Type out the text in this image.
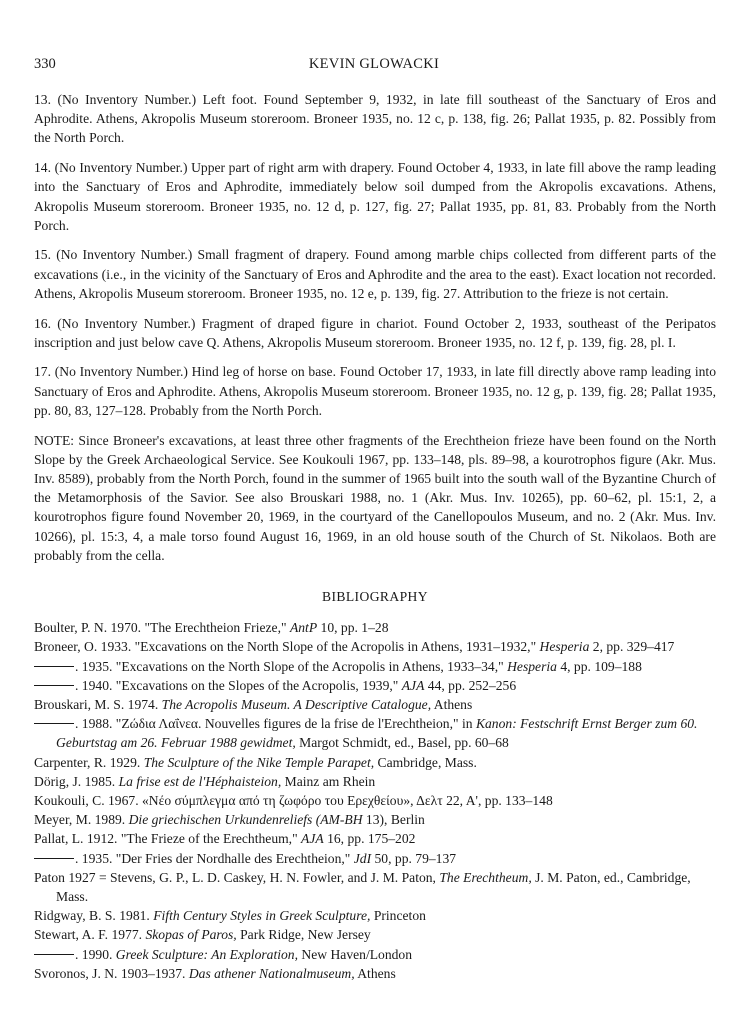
330	KEVIN GLOWACKI

13. (No Inventory Number.) Left foot. Found September 9, 1932, in late fill southeast of the Sanctuary of Eros and Aphrodite. Athens, Akropolis Museum storeroom. Broneer 1935, no. 12 c, p. 138, fig. 26; Pallat 1935, p. 82. Possibly from the North Porch.

14. (No Inventory Number.) Upper part of right arm with drapery. Found October 4, 1933, in late fill above the ramp leading into the Sanctuary of Eros and Aphrodite, immediately below soil dumped from the Akropolis excavations. Athens, Akropolis Museum storeroom. Broneer 1935, no. 12 d, p. 127, fig. 27; Pallat 1935, pp. 81, 83. Probably from the North Porch.

15. (No Inventory Number.) Small fragment of drapery. Found among marble chips collected from different parts of the excavations (i.e., in the vicinity of the Sanctuary of Eros and Aphrodite and the area to the east). Exact location not recorded. Athens, Akropolis Museum storeroom. Broneer 1935, no. 12 e, p. 139, fig. 27. Attribution to the frieze is not certain.

16. (No Inventory Number.) Fragment of draped figure in chariot. Found October 2, 1933, southeast of the Peripatos inscription and just below cave Q. Athens, Akropolis Museum storeroom. Broneer 1935, no. 12 f, p. 139, fig. 28, pl. I.

17. (No Inventory Number.) Hind leg of horse on base. Found October 17, 1933, in late fill directly above ramp leading into Sanctuary of Eros and Aphrodite. Athens, Akropolis Museum storeroom. Broneer 1935, no. 12 g, p. 139, fig. 28; Pallat 1935, pp. 80, 83, 127–128. Probably from the North Porch.

NOTE: Since Broneer's excavations, at least three other fragments of the Erechtheion frieze have been found on the North Slope by the Greek Archaeological Service. See Koukouli 1967, pp. 133–148, pls. 89–98, a kourotrophos figure (Akr. Mus. Inv. 8589), probably from the North Porch, found in the summer of 1965 built into the south wall of the Byzantine Church of the Metamorphosis of the Savior. See also Brouskari 1988, no. 1 (Akr. Mus. Inv. 10265), pp. 60–62, pl. 15:1, 2, a kourotrophos figure found November 20, 1969, in the courtyard of the Canellopoulos Museum, and no. 2 (Akr. Mus. Inv. 10266), pl. 15:3, 4, a male torso found August 16, 1969, in an old house south of the Church of St. Nikolaos. Both are probably from the cella.

BIBLIOGRAPHY
Boulter, P. N. 1970. "The Erechtheion Frieze," AntP 10, pp. 1–28
Broneer, O. 1933. "Excavations on the North Slope of the Acropolis in Athens, 1931–1932," Hesperia 2, pp. 329–417
. 1935. "Excavations on the North Slope of the Acropolis in Athens, 1933–34," Hesperia 4, pp. 109–188
. 1940. "Excavations on the Slopes of the Acropolis, 1939," AJA 44, pp. 252–256
Brouskari, M. S. 1974. The Acropolis Museum. A Descriptive Catalogue, Athens
. 1988. "Ζώδια Λαΐνεα. Nouvelles figures de la frise de l'Erechtheion," in Kanon: Festschrift Ernst Berger zum 60. Geburtstag am 26. Februar 1988 gewidmet, Margot Schmidt, ed., Basel, pp. 60–68
Carpenter, R. 1929. The Sculpture of the Nike Temple Parapet, Cambridge, Mass.
Dörig, J. 1985. La frise est de l'Héphaisteion, Mainz am Rhein
Koukouli, C. 1967. «Νέο σύμπλεγμα από τη ζωφόρο του Ερεχθείου», Δελτ 22, Α', pp. 133–148
Meyer, M. 1989. Die griechischen Urkundenreliefs (AM-BH 13), Berlin
Pallat, L. 1912. "The Frieze of the Erechtheum," AJA 16, pp. 175–202
. 1935. "Der Fries der Nordhalle des Erechtheion," JdI 50, pp. 79–137
Paton 1927 = Stevens, G. P., L. D. Caskey, H. N. Fowler, and J. M. Paton, The Erechtheum, J. M. Paton, ed., Cambridge, Mass.
Ridgway, B. S. 1981. Fifth Century Styles in Greek Sculpture, Princeton
Stewart, A. F. 1977. Skopas of Paros, Park Ridge, New Jersey
. 1990. Greek Sculpture: An Exploration, New Haven/London
Svoronos, J. N. 1903–1937. Das athener Nationalmuseum, Athens
